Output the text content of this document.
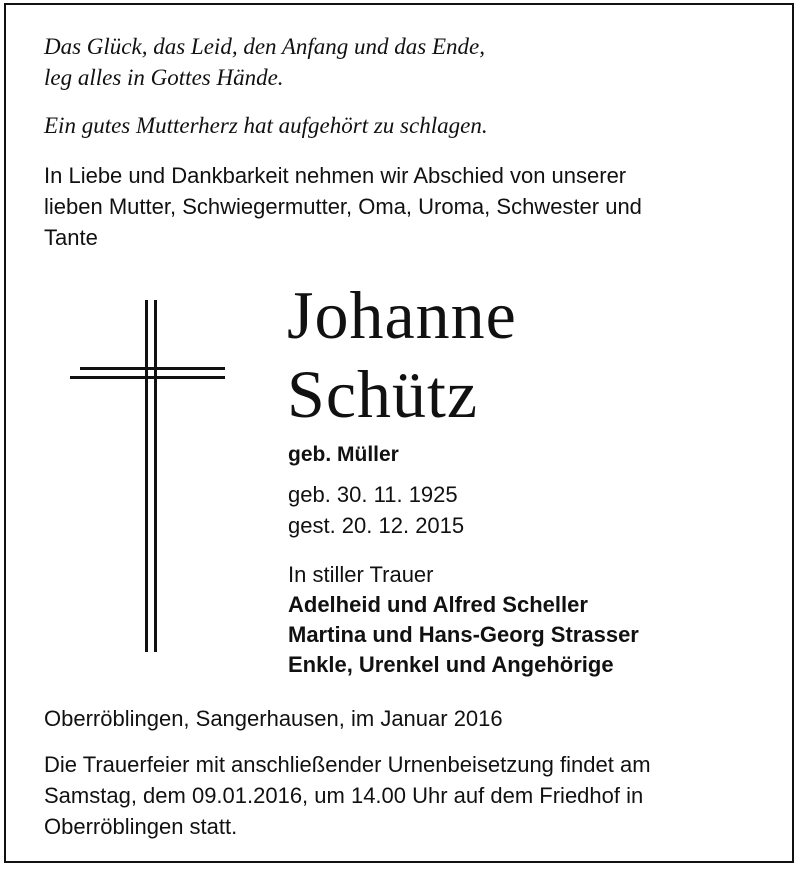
Das Glück, das Leid, den Anfang und das Ende,
leg alles in Gottes Hände.

Ein gutes Mutterherz hat aufgehört zu schlagen.

In Liebe und Dankbarkeit nehmen wir Abschied von unserer
lieben Mutter, Schwiegermutter, Oma, Uroma, Schwester und
Tante

Johanne

Schütz

geb. Müller

geb. 30. 11. 1925
gest. 20. 12. 2015

In stiller Trauer
Adelheid und Alfred Scheller
Martina und Hans-Georg Strasser
Enkle, Urenkel und Angehörige

Oberröblingen, Sangerhausen, im Januar 2016

Die Trauerfeier mit anschließender Urnenbeisetzung findet am
Samstag, dem 09.01.2016, um 14.00 Uhr auf dem Friedhof in
Oberröblingen statt.
